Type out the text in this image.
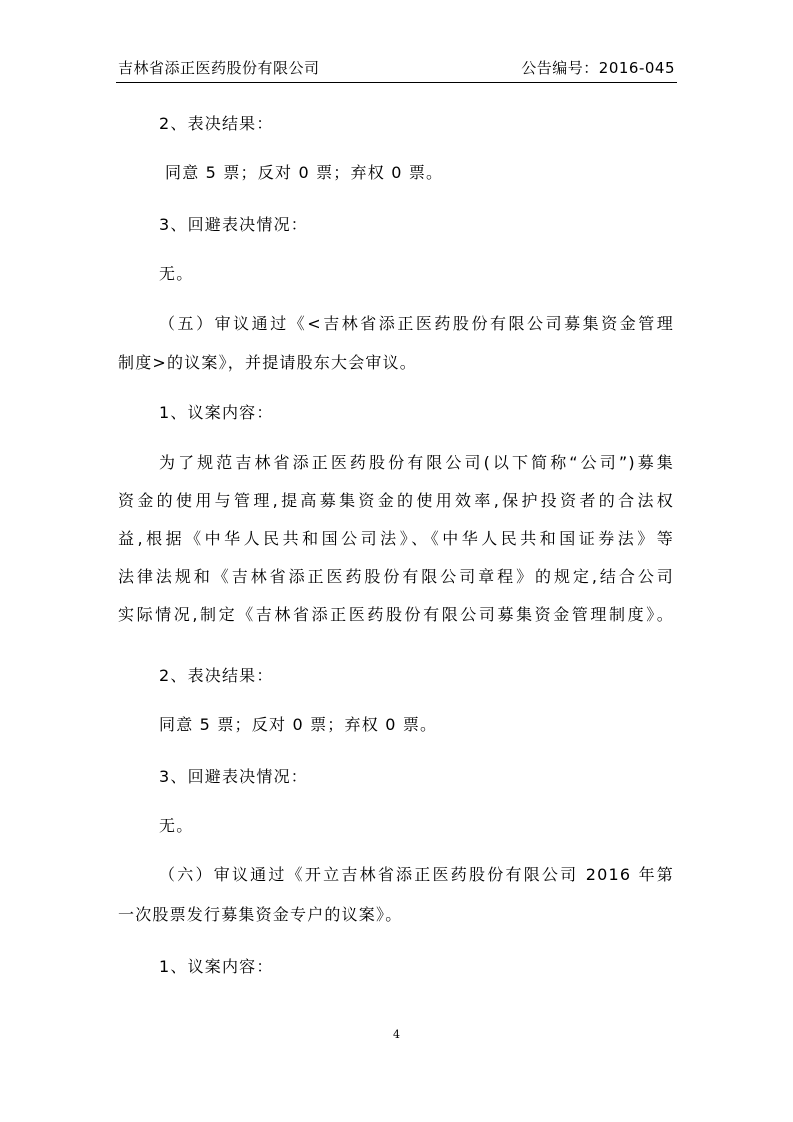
吉林省添正医药股份有限公司	公告编号：2016-045
2、表决结果：
同意 5 票；反对 0 票；弃权 0 票。
3、回避表决情况：
无。
（五）审议通过《<吉林省添正医药股份有限公司募集资金管理
制度>的议案》，并提请股东大会审议。
1、议案内容：
为了规范吉林省添正医药股份有限公司(以下简称“公司”)募集
资金的使用与管理,提高募集资金的使用效率,保护投资者的合法权
益,根据《中华人民共和国公司法》、《中华人民共和国证券法》等
法律法规和《吉林省添正医药股份有限公司章程》的规定,结合公司
实际情况,制定《吉林省添正医药股份有限公司募集资金管理制度》。
2、表决结果：
同意 5 票；反对 0 票；弃权 0 票。
3、回避表决情况：
无。
（六）审议通过《开立吉林省添正医药股份有限公司 2016 年第
一次股票发行募集资金专户的议案》。
1、议案内容：
4
